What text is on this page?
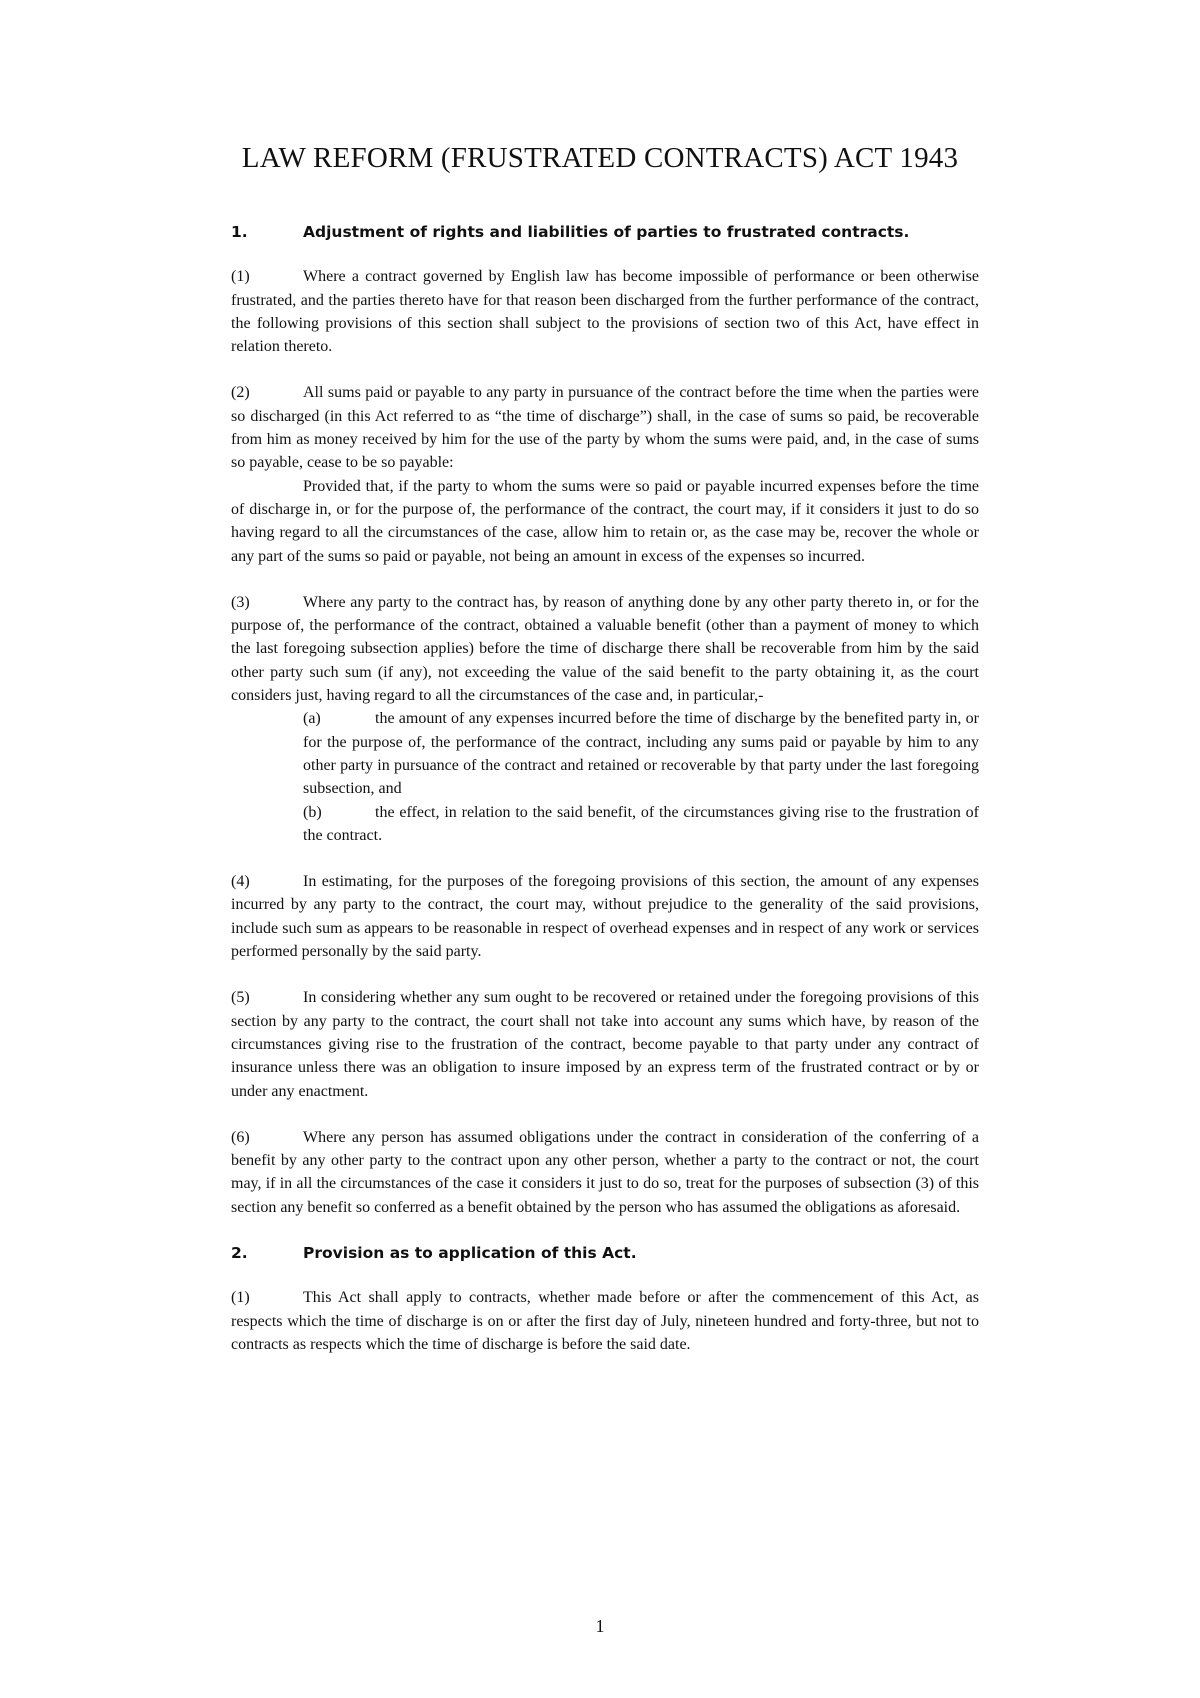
LAW REFORM (FRUSTRATED CONTRACTS) ACT 1943
1.	Adjustment of rights and liabilities of parties to frustrated contracts.

(1)	Where a contract governed by English law has become impossible of performance or been otherwise frustrated, and the parties thereto have for that reason been discharged from the further performance of the contract, the following provisions of this section shall subject to the provisions of section two of this Act, have effect in relation thereto.

(2)	All sums paid or payable to any party in pursuance of the contract before the time when the parties were so discharged (in this Act referred to as “the time of discharge”) shall, in the case of sums so paid, be recoverable from him as money received by him for the use of the party by whom the sums were paid, and, in the case of sums so payable, cease to be so payable:

Provided that, if the party to whom the sums were so paid or payable incurred expenses before the time of discharge in, or for the purpose of, the performance of the contract, the court may, if it considers it just to do so having regard to all the circumstances of the case, allow him to retain or, as the case may be, recover the whole or any part of the sums so paid or payable, not being an amount in excess of the expenses so incurred.

(3)	Where any party to the contract has, by reason of anything done by any other party thereto in, or for the purpose of, the performance of the contract, obtained a valuable benefit (other than a payment of money to which the last foregoing subsection applies) before the time of discharge there shall be recoverable from him by the said other party such sum (if any), not exceeding the value of the said benefit to the party obtaining it, as the court considers just, having regard to all the circumstances of the case and, in particular,-

(a)	the amount of any expenses incurred before the time of discharge by the benefited party in, or for the purpose of, the performance of the contract, including any sums paid or payable by him to any other party in pursuance of the contract and retained or recoverable by that party under the last foregoing subsection, and

(b)	the effect, in relation to the said benefit, of the circumstances giving rise to the frustration of the contract.

(4)	In estimating, for the purposes of the foregoing provisions of this section, the amount of any expenses incurred by any party to the contract, the court may, without prejudice to the generality of the said provisions, include such sum as appears to be reasonable in respect of overhead expenses and in respect of any work or services performed personally by the said party.

(5)	In considering whether any sum ought to be recovered or retained under the foregoing provisions of this section by any party to the contract, the court shall not take into account any sums which have, by reason of the circumstances giving rise to the frustration of the contract, become payable to that party under any contract of insurance unless there was an obligation to insure imposed by an express term of the frustrated contract or by or under any enactment.

(6)	Where any person has assumed obligations under the contract in consideration of the conferring of a benefit by any other party to the contract upon any other person, whether a party to the contract or not, the court may, if in all the circumstances of the case it considers it just to do so, treat for the purposes of subsection (3) of this section any benefit so conferred as a benefit obtained by the person who has assumed the obligations as aforesaid.

2.	Provision as to application of this Act.

(1)	This Act shall apply to contracts, whether made before or after the commencement of this Act, as respects which the time of discharge is on or after the first day of July, nineteen hundred and forty-three, but not to contracts as respects which the time of discharge is before the said date.

1
